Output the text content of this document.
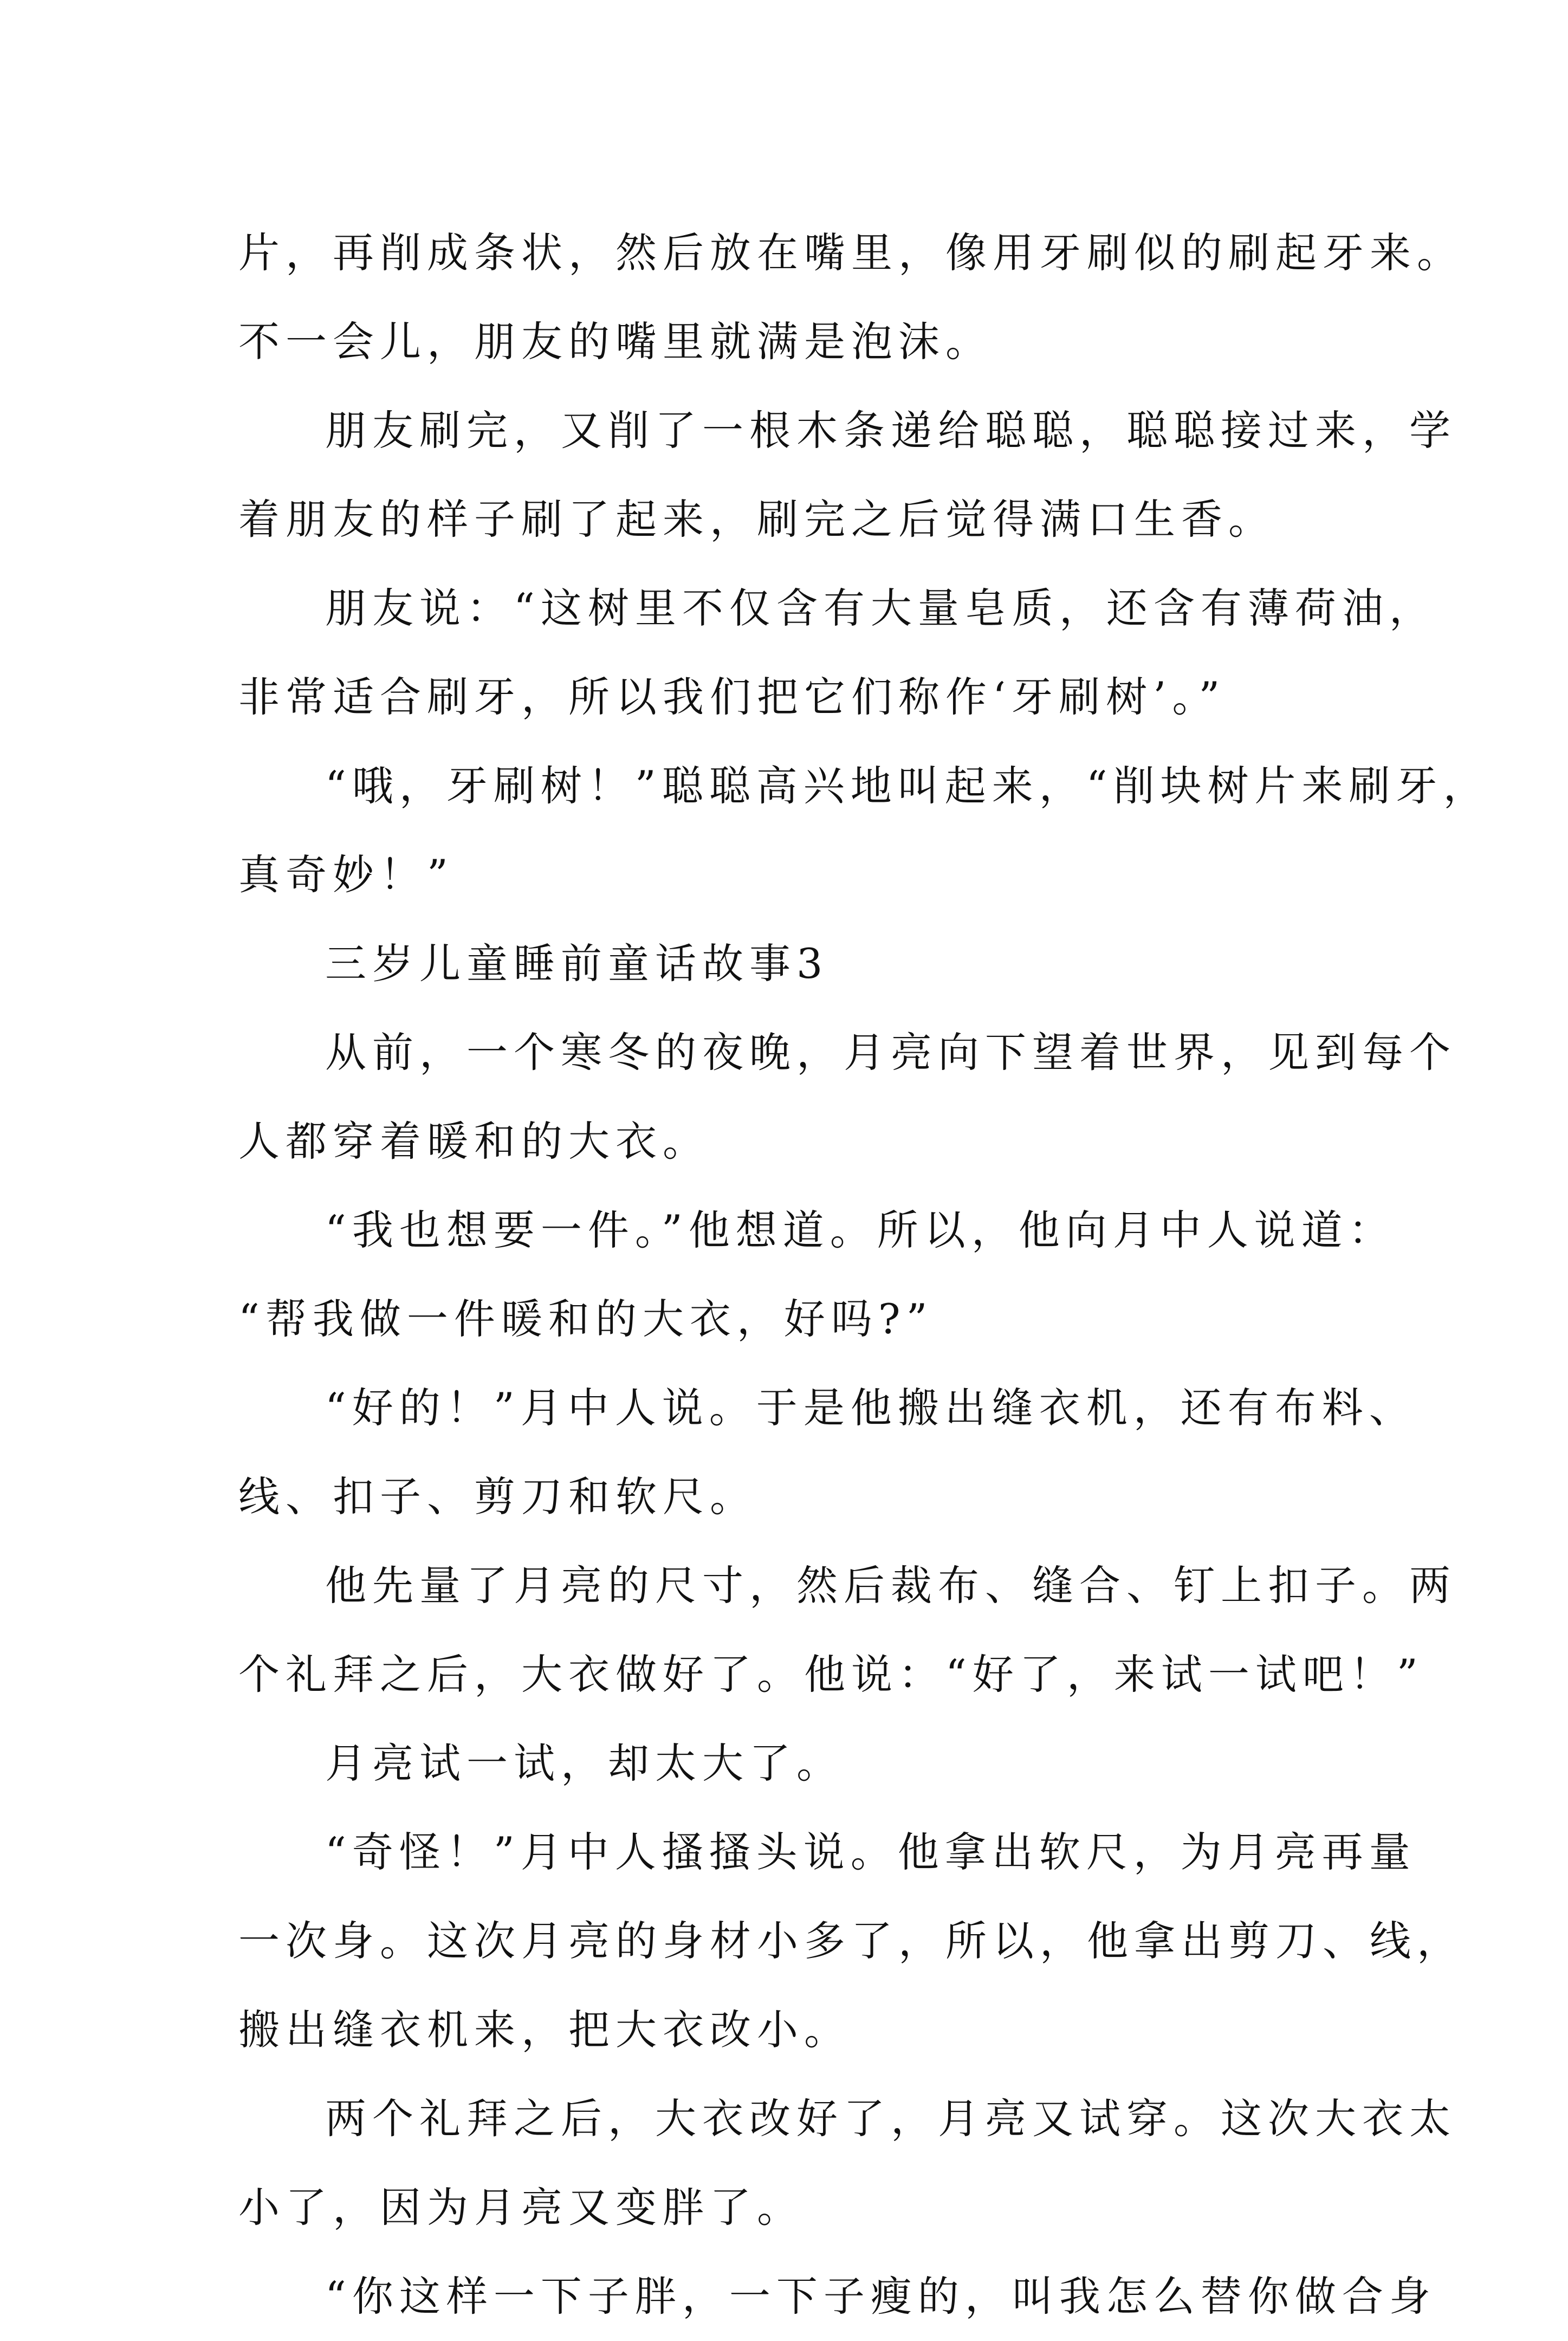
片，再削成条状，然后放在嘴里，像用牙刷似的刷起牙来。

不一会儿，朋友的嘴里就满是泡沫。

朋友刷完，又削了一根木条递给聪聪，聪聪接过来，学

着朋友的样子刷了起来，刷完之后觉得满口生香。

朋友说：“这树里不仅含有大量皂质，还含有薄荷油，

非常适合刷牙，所以我们把它们称作‘牙刷树’。”

“哦，牙刷树！”聪聪高兴地叫起来，“削块树片来刷牙，

真奇妙！”

三岁儿童睡前童话故事3

从前，一个寒冬的夜晚，月亮向下望着世界，见到每个

人都穿着暖和的大衣。

“我也想要一件。”他想道。所以，他向月中人说道：

“帮我做一件暖和的大衣，好吗?”

“好的！”月中人说。于是他搬出缝衣机，还有布料、

线、扣子、剪刀和软尺。

他先量了月亮的尺寸，然后裁布、缝合、钉上扣子。两

个礼拜之后，大衣做好了。他说：“好了，来试一试吧！”

月亮试一试，却太大了。

“奇怪！”月中人搔搔头说。他拿出软尺，为月亮再量

一次身。这次月亮的身材小多了，所以，他拿出剪刀、线，

搬出缝衣机来，把大衣改小。

两个礼拜之后，大衣改好了，月亮又试穿。这次大衣太

小了，因为月亮又变胖了。

“你这样一下子胖，一下子瘦的，叫我怎么替你做合身
